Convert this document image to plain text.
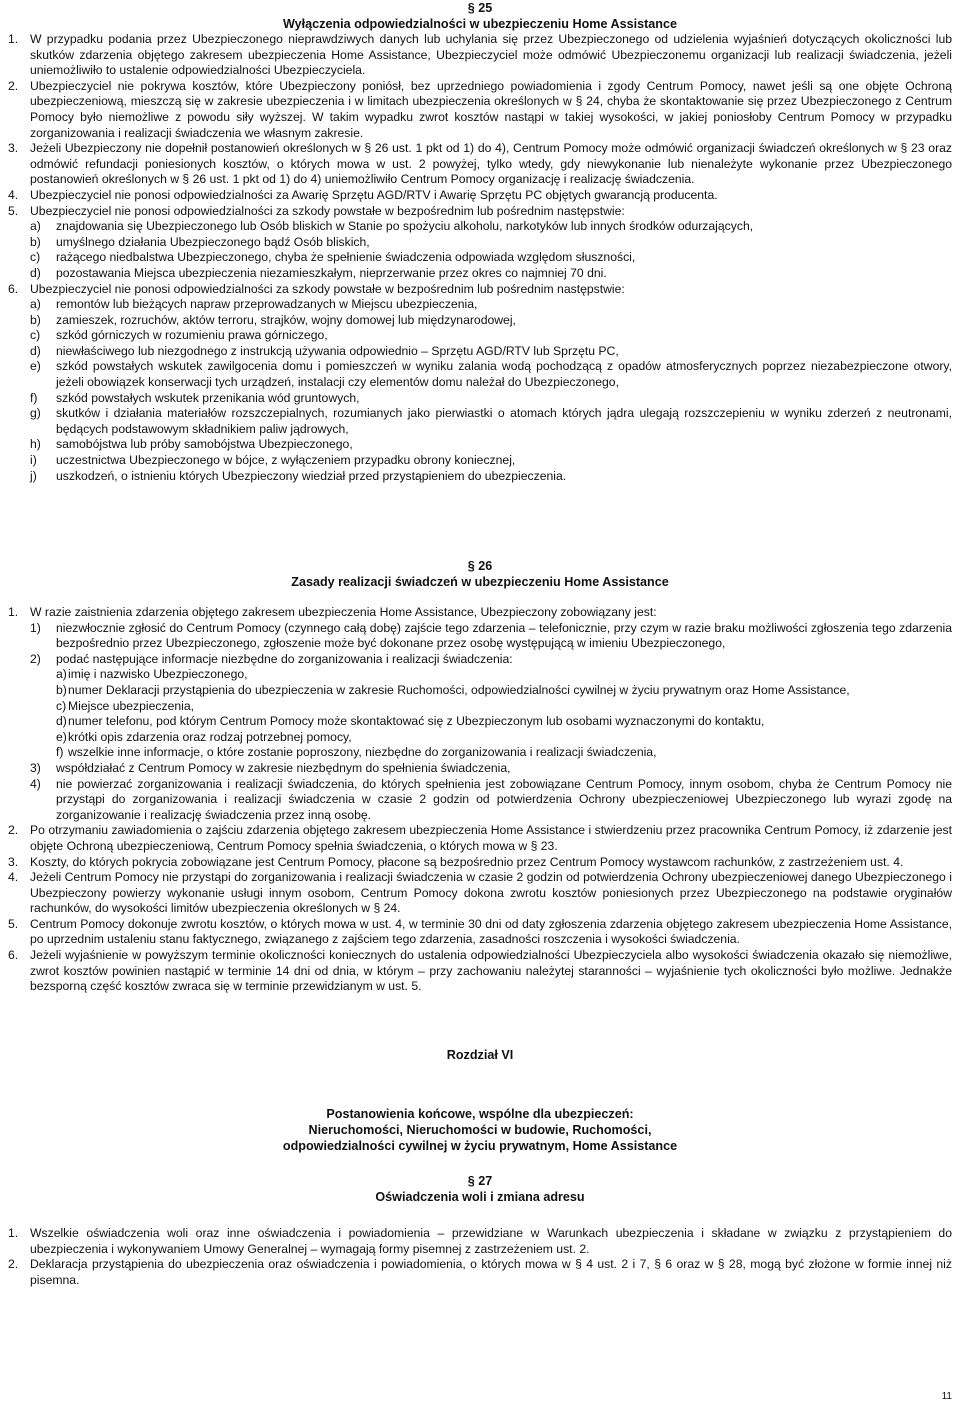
§ 25

Wyłączenia odpowiedzialności w ubezpieczeniu Home Assistance

1. W przypadku podania przez Ubezpieczonego nieprawdziwych danych lub uchylania się przez Ubezpieczonego od udzielenia wyjaśnień dotyczących okoliczności lub skutków zdarzenia objętego zakresem ubezpieczenia Home Assistance, Ubezpieczyciel może odmówić Ubezpieczonemu organizacji lub realizacji świadczenia, jeżeli uniemożliwiło to ustalenie odpowiedzialności Ubezpieczyciela.

2. Ubezpieczyciel nie pokrywa kosztów, które Ubezpieczony poniósł, bez uprzedniego powiadomienia i zgody Centrum Pomocy, nawet jeśli są one objęte Ochroną ubezpieczeniową, mieszczą się w zakresie ubezpieczenia i w limitach ubezpieczenia określonych w § 24, chyba że skontaktowanie się przez Ubezpieczonego z Centrum Pomocy było niemożliwe z powodu siły wyższej. W takim wypadku zwrot kosztów nastąpi w takiej wysokości, w jakiej poniosłoby Centrum Pomocy w przypadku zorganizowania i realizacji świadczenia we własnym zakresie.

3. Jeżeli Ubezpieczony nie dopełnił postanowień określonych w § 26 ust. 1 pkt od 1) do 4), Centrum Pomocy może odmówić organizacji świadczeń określonych w § 23 oraz odmówić refundacji poniesionych kosztów, o których mowa w ust. 2 powyżej, tylko wtedy, gdy niewykonanie lub nienależyte wykonanie przez Ubezpieczonego postanowień określonych w § 26 ust. 1 pkt od 1) do 4) uniemożliwiło Centrum Pomocy organizację i realizację świadczenia.

4. Ubezpieczyciel nie ponosi odpowiedzialności za Awarię Sprzętu AGD/RTV i Awarię Sprzętu PC objętych gwarancją producenta.

5. Ubezpieczyciel nie ponosi odpowiedzialności za szkody powstałe w bezpośrednim lub pośrednim następstwie:

a) znajdowania się Ubezpieczonego lub Osób bliskich w Stanie po spożyciu alkoholu, narkotyków lub innych środków odurzających,

b) umyślnego działania Ubezpieczonego bądź Osób bliskich,

c) rażącego niedbalstwa Ubezpieczonego, chyba że spełnienie świadczenia odpowiada względom słuszności,

d) pozostawania Miejsca ubezpieczenia niezamieszkałym, nieprzerwanie przez okres co najmniej 70 dni.

6. Ubezpieczyciel nie ponosi odpowiedzialności za szkody powstałe w bezpośrednim lub pośrednim następstwie:

a) remontów lub bieżących napraw przeprowadzanych w Miejscu ubezpieczenia,

b) zamieszek, rozruchów, aktów terroru, strajków, wojny domowej lub międzynarodowej,

c) szkód górniczych w rozumieniu prawa górniczego,

d) niewłaściwego lub niezgodnego z instrukcją używania odpowiednio – Sprzętu AGD/RTV lub Sprzętu PC,

e) szkód powstałych wskutek zawilgocenia domu i pomieszczeń w wyniku zalania wodą pochodzącą z opadów atmosferycznych poprzez niezabezpieczone otwory, jeżeli obowiązek konserwacji tych urządzeń, instalacji czy elementów domu należał do Ubezpieczonego,

f) szkód powstałych wskutek przenikania wód gruntowych,

g) skutków i działania materiałów rozszczepialnych, rozumianych jako pierwiastki o atomach których jądra ulegają rozszczepieniu w wyniku zderzeń z neutronami, będących podstawowym składnikiem paliw jądrowych,

h) samobójstwa lub próby samobójstwa Ubezpieczonego,

i) uczestnictwa Ubezpieczonego w bójce, z wyłączeniem przypadku obrony koniecznej,

j) uszkodzeń, o istnieniu których Ubezpieczony wiedział przed przystąpieniem do ubezpieczenia.

§ 26

Zasady realizacji świadczeń w ubezpieczeniu Home Assistance

1. W razie zaistnienia zdarzenia objętego zakresem ubezpieczenia Home Assistance, Ubezpieczony zobowiązany jest:

1) niezwłocznie zgłosić do Centrum Pomocy (czynnego całą dobę) zajście tego zdarzenia – telefonicznie, przy czym w razie braku możliwości zgłoszenia tego zdarzenia bezpośrednio przez Ubezpieczonego, zgłoszenie może być dokonane przez osobę występującą w imieniu Ubezpieczonego,

2) podać następujące informacje niezbędne do zorganizowania i realizacji świadczenia:

a) imię i nazwisko Ubezpieczonego,

b) numer Deklaracji przystąpienia do ubezpieczenia w zakresie Ruchomości, odpowiedzialności cywilnej w życiu prywatnym oraz Home Assistance,

c) Miejsce ubezpieczenia,

d) numer telefonu, pod którym Centrum Pomocy może skontaktować się z Ubezpieczonym lub osobami wyznaczonymi do kontaktu,

e) krótki opis zdarzenia oraz rodzaj potrzebnej pomocy,

f) wszelkie inne informacje, o które zostanie poproszony, niezbędne do zorganizowania i realizacji świadczenia,

3) współdziałać z Centrum Pomocy w zakresie niezbędnym do spełnienia świadczenia,

4) nie powierzać zorganizowania i realizacji świadczenia, do których spełnienia jest zobowiązane Centrum Pomocy, innym osobom, chyba że Centrum Pomocy nie przystąpi do zorganizowania i realizacji świadczenia w czasie 2 godzin od potwierdzenia Ochrony ubezpieczeniowej Ubezpieczonego lub wyrazi zgodę na zorganizowanie i realizację świadczenia przez inną osobę.

2. Po otrzymaniu zawiadomienia o zajściu zdarzenia objętego zakresem ubezpieczenia Home Assistance i stwierdzeniu przez pracownika Centrum Pomocy, iż zdarzenie jest objęte Ochroną ubezpieczeniową, Centrum Pomocy spełnia świadczenia, o których mowa w § 23.

3. Koszty, do których pokrycia zobowiązane jest Centrum Pomocy, płacone są bezpośrednio przez Centrum Pomocy wystawcom rachunków, z zastrzeżeniem ust. 4.

4. Jeżeli Centrum Pomocy nie przystąpi do zorganizowania i realizacji świadczenia w czasie 2 godzin od potwierdzenia Ochrony ubezpieczeniowej danego Ubezpieczonego i Ubezpieczony powierzy wykonanie usługi innym osobom, Centrum Pomocy dokona zwrotu kosztów poniesionych przez Ubezpieczonego na podstawie oryginałów rachunków, do wysokości limitów ubezpieczenia określonych w § 24.

5. Centrum Pomocy dokonuje zwrotu kosztów, o których mowa w ust. 4, w terminie 30 dni od daty zgłoszenia zdarzenia objętego zakresem ubezpieczenia Home Assistance, po uprzednim ustaleniu stanu faktycznego, związanego z zajściem tego zdarzenia, zasadności roszczenia i wysokości świadczenia.

6. Jeżeli wyjaśnienie w powyższym terminie okoliczności koniecznych do ustalenia odpowiedzialności Ubezpieczyciela albo wysokości świadczenia okazało się niemożliwe, zwrot kosztów powinien nastąpić w terminie 14 dni od dnia, w którym – przy zachowaniu należytej staranności – wyjaśnienie tych okoliczności było możliwe. Jednakże bezsporną część kosztów zwraca się w terminie przewidzianym w ust. 5.

Rozdział VI

Postanowienia końcowe, wspólne dla ubezpieczeń:

Nieruchomości, Nieruchomości w budowie, Ruchomości,

odpowiedzialności cywilnej w życiu prywatnym, Home Assistance

§ 27

Oświadczenia woli i zmiana adresu

1. Wszelkie oświadczenia woli oraz inne oświadczenia i powiadomienia – przewidziane w Warunkach ubezpieczenia i składane w związku z przystąpieniem do ubezpieczenia i wykonywaniem Umowy Generalnej – wymagają formy pisemnej z zastrzeżeniem ust. 2.

2. Deklaracja przystąpienia do ubezpieczenia oraz oświadczenia i powiadomienia, o których mowa w § 4 ust. 2 i 7, § 6 oraz w § 28, mogą być złożone w formie innej niż pisemna.

11
